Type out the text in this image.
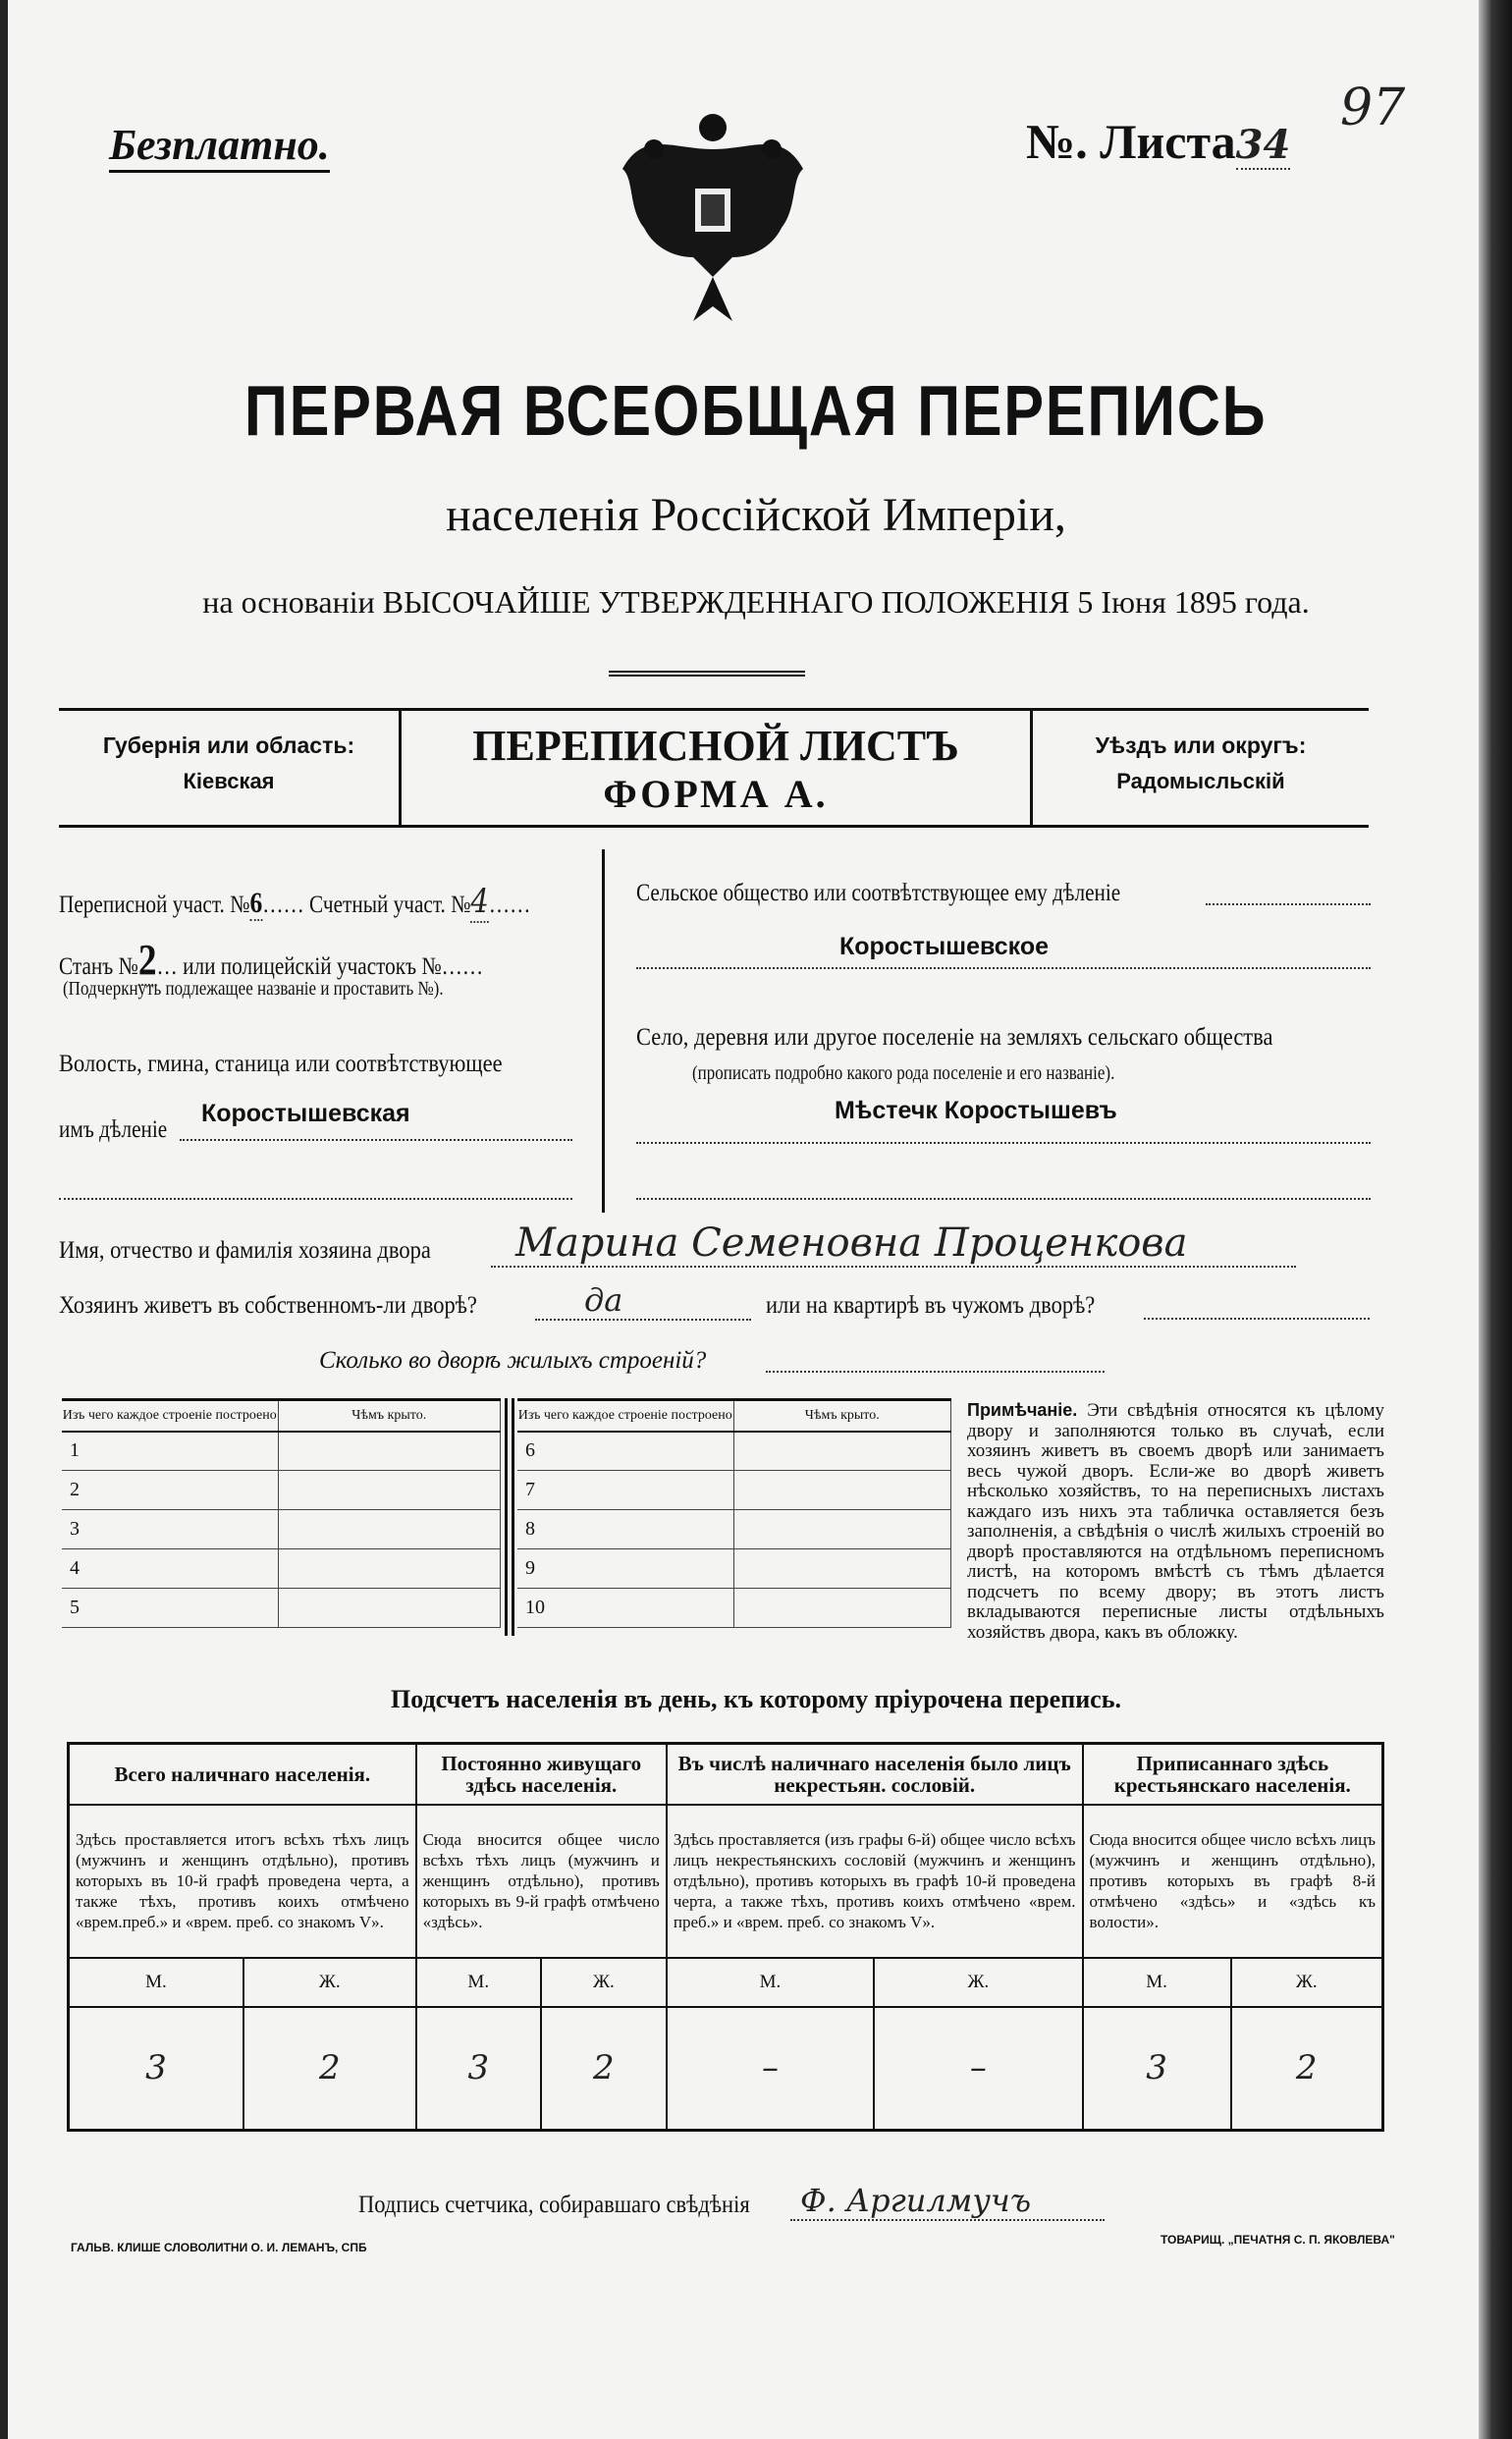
Безплатно.	№. Листа34
97
ПЕРВАЯ ВСЕОБЩАЯ ПЕРЕПИСЬ
населенія Россійской Имперіи,
на основаніи ВЫСОЧАЙШЕ УТВЕРЖДЕННАГО ПОЛОЖЕНІЯ 5 Іюня 1895 года.
Губернія или область:
Кіевская
ПЕРЕПИСНОЙ ЛИСТЪ
ФОРМА А.
Уѣздъ или округъ:
Радомысльскій
Переписной участ. №6…… Счетный участ. №4……
Станъ №2… или полицейскій участокъ №……
(Подчеркнуть подлежащее названіе и проставить №).
Волость, гмина, станица или соотвѣтствующее
имъ дѣленіе
Коростышевская
Сельское общество или соотвѣтствующее ему дѣленіе
Коростышевское
Село, деревня или другое поселеніе на земляхъ сельскаго общества
(прописать подробно какого рода поселеніе и его названіе).
Мѣстечк Коростышевъ
Имя, отчество и фамилія хозяина двора	Марина Семеновна Проценкова
Хозяинъ живетъ въ собственномъ-ли дворѣ?	да	или на квартирѣ въ чужомъ дворѣ?
Сколько во дворѣ жилыхъ строеній?
Изъ чего каждое строеніе построено	Чѣмъ крыто.
1	
2	
3	
4	
5	
Изъ чего каждое строеніе построено	Чѣмъ крыто.
6	
7	
8	
9	
10	
Примѣчаніе. Эти свѣдѣнія относятся къ цѣлому двору и заполняются только въ случаѣ, если хозяинъ живетъ въ своемъ дворѣ или занимаетъ весь чужой дворъ. Если-же во дворѣ живетъ нѣсколько хозяйствъ, то на переписныхъ листахъ каждаго изъ нихъ эта табличка оставляется безъ заполненія, а свѣдѣнія о числѣ жилыхъ строеній во дворѣ проставляются на отдѣльномъ переписномъ листѣ, на которомъ вмѣстѣ съ тѣмъ дѣлается подсчетъ по всему двору; въ этотъ листъ вкладываются переписные листы отдѣльныхъ хозяйствъ двора, какъ въ обложку.
Подсчетъ населенія въ день, къ которому пріурочена перепись.
Всего наличнаго населенія.		Постоянно живущаго здѣсь населенія.		Въ числѣ наличнаго населенія было лицъ некрестьян. сословій.		Приписаннаго здѣсь крестьянскаго населенія.	
Здѣсь проставляется итогъ всѣхъ тѣхъ лицъ (мужчинъ и женщинъ отдѣльно), противъ которыхъ въ 10-й графѣ проведена черта, а также тѣхъ, противъ коихъ отмѣчено «врем.преб.» и «врем. преб. со знакомъ V».		Сюда вносится общее число всѣхъ тѣхъ лицъ (мужчинъ и женщинъ отдѣльно), противъ которыхъ въ 9-й графѣ отмѣчено «здѣсь».		Здѣсь проставляется (изъ графы 6-й) общее число всѣхъ лицъ некрестьянскихъ сословій (мужчинъ и женщинъ отдѣльно), противъ которыхъ въ графѣ 10-й проведена черта, а также тѣхъ, противъ коихъ отмѣчено «врем. преб.» и «врем. преб. со знакомъ V».		Сюда вносится общее число всѣхъ лицъ (мужчинъ и женщинъ отдѣльно), противъ которыхъ въ графѣ 8-й отмѣчено «здѣсь» и «здѣсь къ волости».	
М.	Ж.	М.	Ж.	М.	Ж.	М.	Ж.
3	2	3	2	–	–	3	2
Подпись счетчика, собиравшаго свѣдѣнія	Ф. Аргилмучъ
ГАЛЬВ. КЛИШЕ СЛОВОЛИТНИ О. И. ЛЕМАНЪ, СПБ
ТОВАРИЩ. „ПЕЧАТНЯ С. П. ЯКОВЛЕВА"
